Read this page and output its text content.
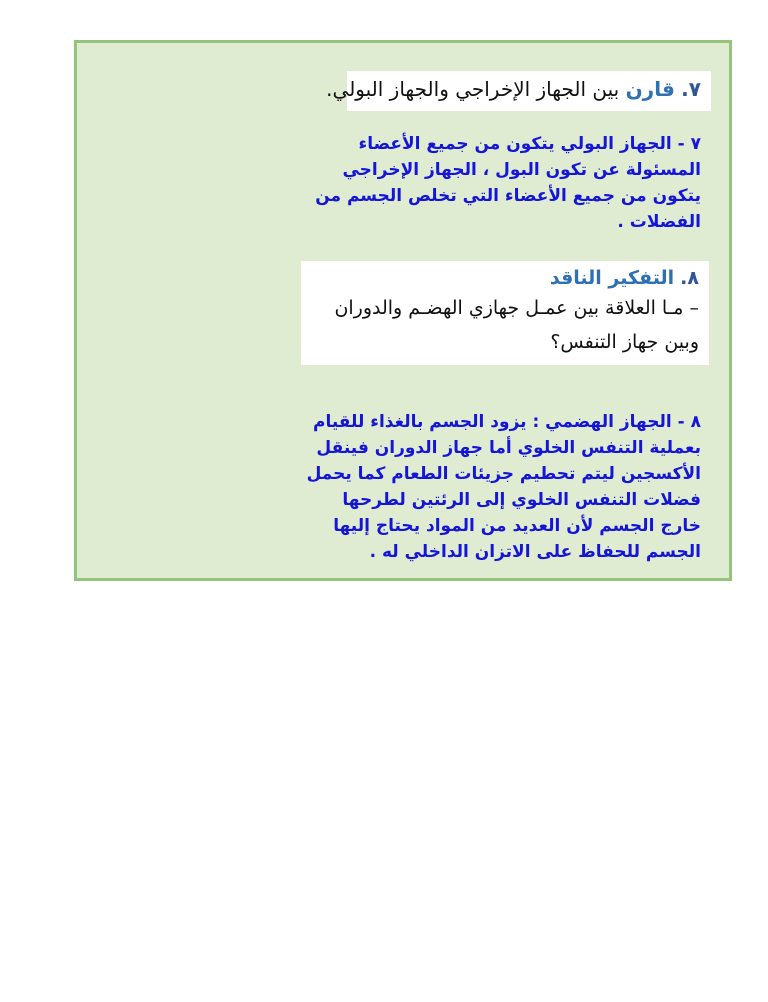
٧. قارن بين الجهاز الإخراجي والجهاز البولي.
٧ - الجهاز البولي يتكون من جميع الأعضاء
المسئولة عن تكون البول ، الجهاز الإخراجي
يتكون من جميع الأعضاء التي تخلص الجسم من
الفضلات .
٨. التفكير الناقد
– مـا العلاقة بين عمـل جهازي الهضـم والدوران
وبين جهاز التنفس؟
٨ - الجهاز الهضمي : يزود الجسم بالغذاء للقيام
بعملية التنفس الخلوي أما جهاز الدوران فينقل
الأكسجين ليتم تحطيم جزيئات الطعام كما يحمل
فضلات التنفس الخلوي إلى الرئتين لطرحها
خارج الجسم لأن العديد من المواد يحتاج إليها
الجسم للحفاظ على الاتزان الداخلي له .
